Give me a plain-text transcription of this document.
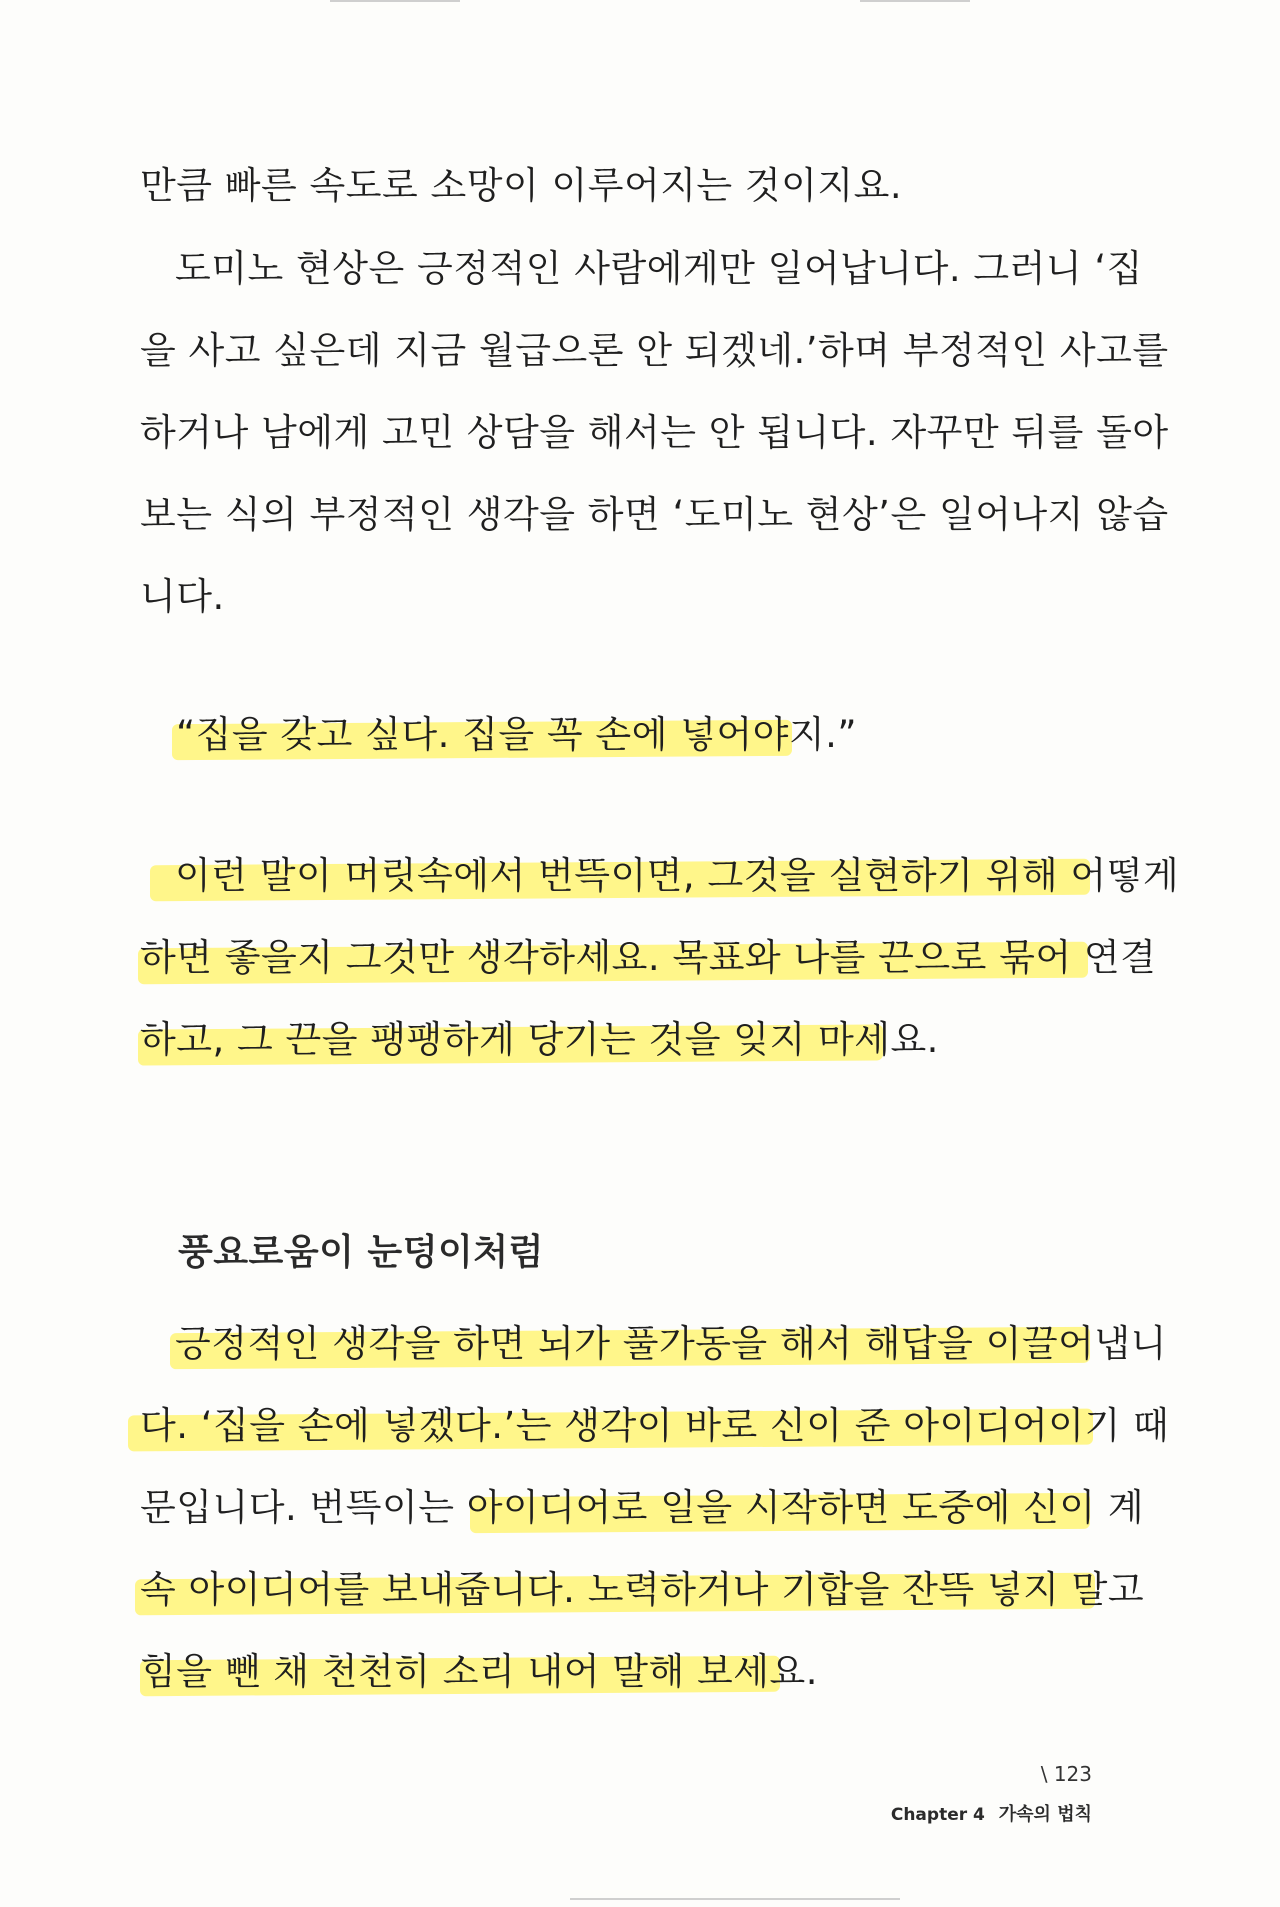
만큼 빠른 속도로 소망이 이루어지는 것이지요.
도미노 현상은 긍정적인 사람에게만 일어납니다. 그러니 ‘집
을 사고 싶은데 지금 월급으론 안 되겠네.’하며 부정적인 사고를
하거나 남에게 고민 상담을 해서는 안 됩니다. 자꾸만 뒤를 돌아
보는 식의 부정적인 생각을 하면 ‘도미노 현상’은 일어나지 않습
니다.
“집을 갖고 싶다. 집을 꼭 손에 넣어야지.”
이런 말이 머릿속에서 번뜩이면, 그것을 실현하기 위해 어떻게
하면 좋을지 그것만 생각하세요. 목표와 나를 끈으로 묶어 연결
하고, 그 끈을 팽팽하게 당기는 것을 잊지 마세요.
풍요로움이 눈덩이처럼
긍정적인 생각을 하면 뇌가 풀가동을 해서 해답을 이끌어냅니
다. ‘집을 손에 넣겠다.’는 생각이 바로 신이 준 아이디어이기 때
문입니다. 번뜩이는 아이디어로 일을 시작하면 도중에 신이 계
속 아이디어를 보내줍니다. 노력하거나 기합을 잔뜩 넣지 말고
힘을 뺀 채 천천히 소리 내어 말해 보세요.
\ 123
Chapter 4 가속의 법칙
